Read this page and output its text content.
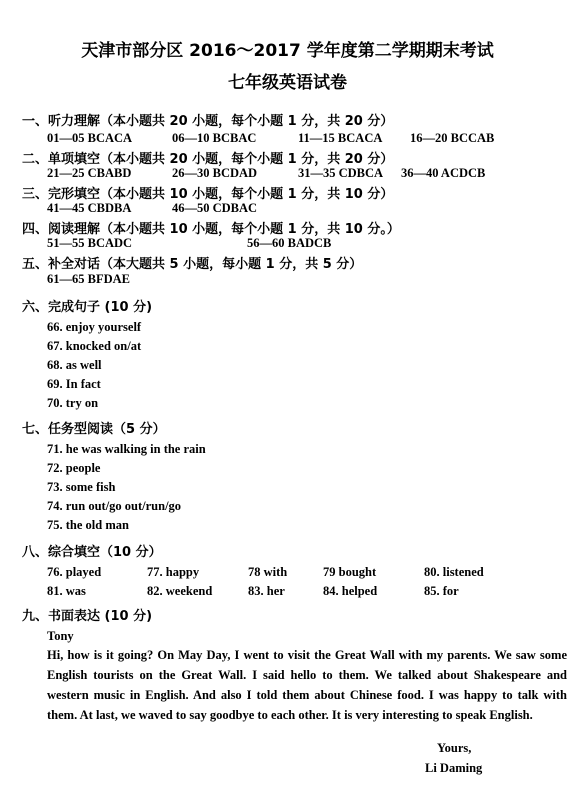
天津市部分区 2016～2017 学年度第二学期期末考试
七年级英语试卷
一、听力理解（本小题共 20 小题，每个小题 1 分，共 20 分）
01—05 BCACA	06—10 BCBAC	11—15 BCACA 16—20 BCCAB
二、单项填空（本小题共 20 小题，每个小题 1 分，共 20 分）
21—25 CBABD	26—30 BCDAD	31—35 CDBCA 36—40 ACDCB
三、完形填空（本小题共 10 小题，每个小题 1 分，共 10 分）
41—45 CBDBA	46—50 CDBAC
四、阅读理解（本小题共 10 小题，每个小题 1 分，共 10 分。）
51—55 BCADC	56—60 BADCB
五、补全对话（本大题共 5 小题，每小题 1 分，共 5 分）
61—65 BFDAE
六、完成句子 (10 分)
66. enjoy yourself
67. knocked on/at
68. as well
69. In fact
70. try on
七、任务型阅读（5 分）
71. he was walking in the rain
72. people
73. some fish
74. run out/go out/run/go
75. the old man
八、综合填空（10 分）
76. played	77. happy	78 with	79 bought	80. listened
81. was	82. weekend	83. her	84. helped	85. for
九、书面表达 (10 分)
Tony
Hi, how is it going? On May Day, I went to visit the Great Wall with my parents. We saw some English tourists on the Great Wall. I said hello to them. We talked about Shakespeare and western music in English. And also I told them about Chinese food. I was happy to talk with them. At last, we waved to say goodbye to each other. It is very interesting to speak English.
Yours,
Li Daming
